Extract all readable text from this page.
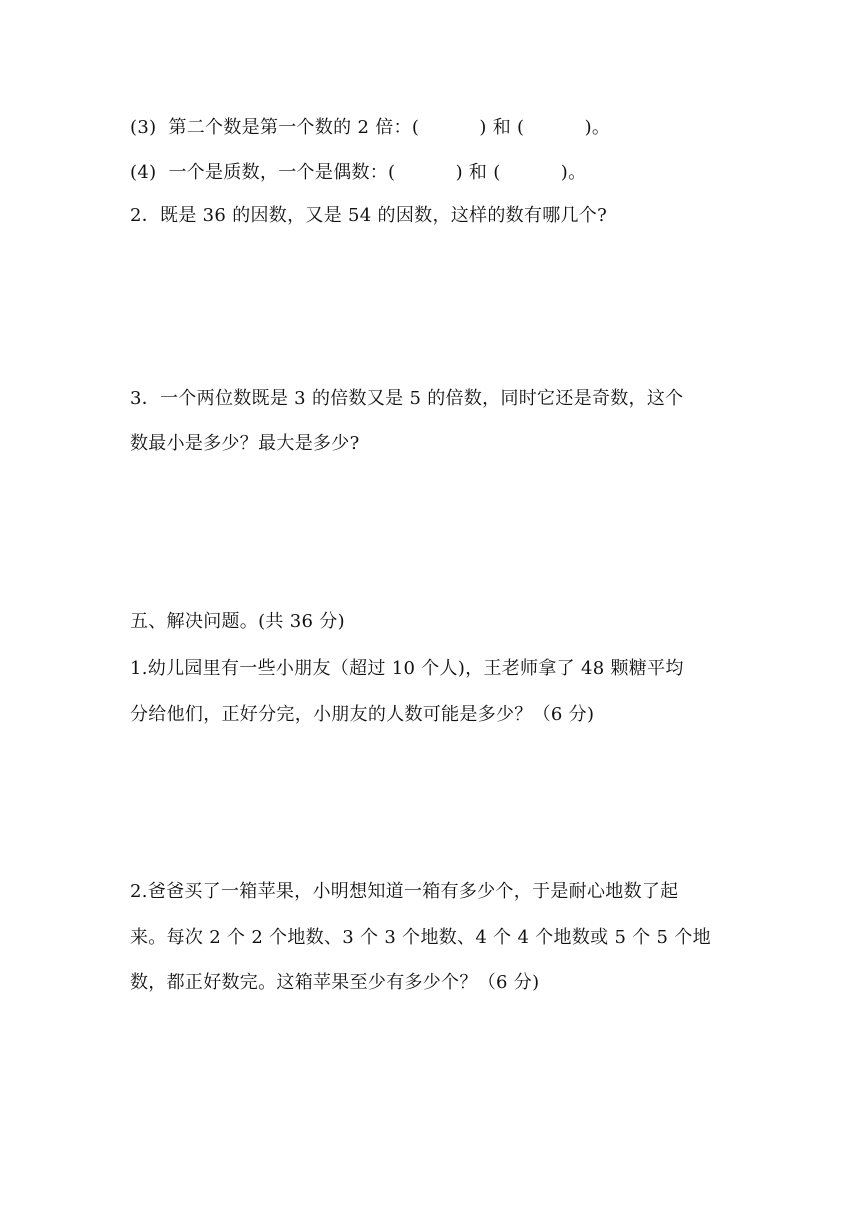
(3)  第二个数是第一个数的 2 倍：(          ) 和 (          )。
(4)  一个是质数，一个是偶数：(          ) 和 (          )。
2．既是 36 的因数，又是 54 的因数，这样的数有哪几个?
3．一个两位数既是 3 的倍数又是 5 的倍数，同时它还是奇数，这个
数最小是多少？最大是多少?
五、解决问题。(共 36 分)
1.幼儿园里有一些小朋友（超过 10 个人)，王老师拿了 48 颗糖平均
分给他们，正好分完，小朋友的人数可能是多少？（6 分)
2.爸爸买了一箱苹果，小明想知道一箱有多少个，于是耐心地数了起
来。每次 2 个 2 个地数、3 个 3 个地数、4 个 4 个地数或 5 个 5 个地
数，都正好数完。这箱苹果至少有多少个？（6 分)
